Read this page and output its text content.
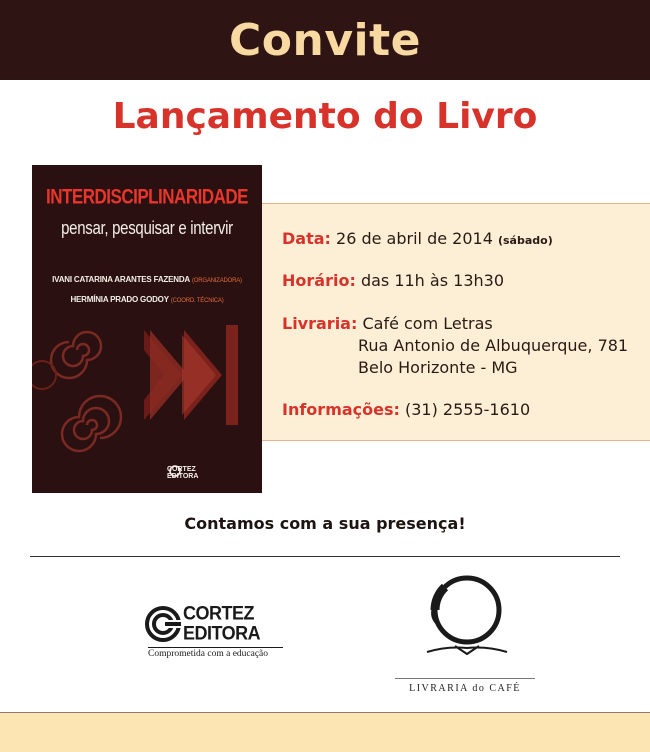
Convite
Lançamento do Livro
INTERDISCIPLINARIDADE
pensar, pesquisar e intervir
IVANI CATARINA ARANTES FAZENDA (ORGANIZADORA)
HERMÍNIA PRADO GODOY (COORD. TÉCNICA)
CORTEZ
EDITORA
Data: 26 de abril de 2014 (sábado)
Horário: das 11h às 13h30
Livraria: Café com Letras
Rua Antonio de Albuquerque, 781
Belo Horizonte - MG
Informações: (31) 2555-1610
Contamos com a sua presença!
CORTEZ
EDITORA
Comprometida com a educação
LIVRARIA do CAFÉ
